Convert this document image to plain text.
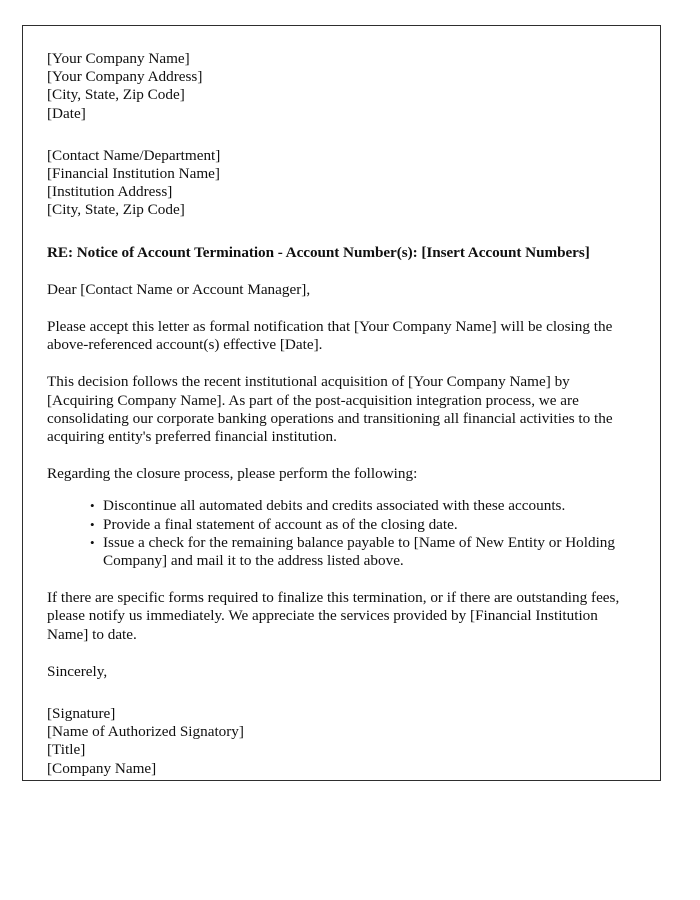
[Your Company Name]
[Your Company Address]
[City, State, Zip Code]
[Date]
[Contact Name/Department]
[Financial Institution Name]
[Institution Address]
[City, State, Zip Code]

RE: Notice of Account Termination - Account Number(s): [Insert Account Numbers]

Dear [Contact Name or Account Manager],

Please accept this letter as formal notification that [Your Company Name] will be closing the above-referenced account(s) effective [Date].

This decision follows the recent institutional acquisition of [Your Company Name] by [Acquiring Company Name]. As part of the post-acquisition integration process, we are consolidating our corporate banking operations and transitioning all financial activities to the acquiring entity's preferred financial institution.

Regarding the closure process, please perform the following:

• Discontinue all automated debits and credits associated with these accounts.
• Provide a final statement of account as of the closing date.
• Issue a check for the remaining balance payable to [Name of New Entity or Holding Company] and mail it to the address listed above.

If there are specific forms required to finalize this termination, or if there are outstanding fees, please notify us immediately. We appreciate the services provided by [Financial Institution Name] to date.

Sincerely,

[Signature]
[Name of Authorized Signatory]
[Title]
[Company Name]
